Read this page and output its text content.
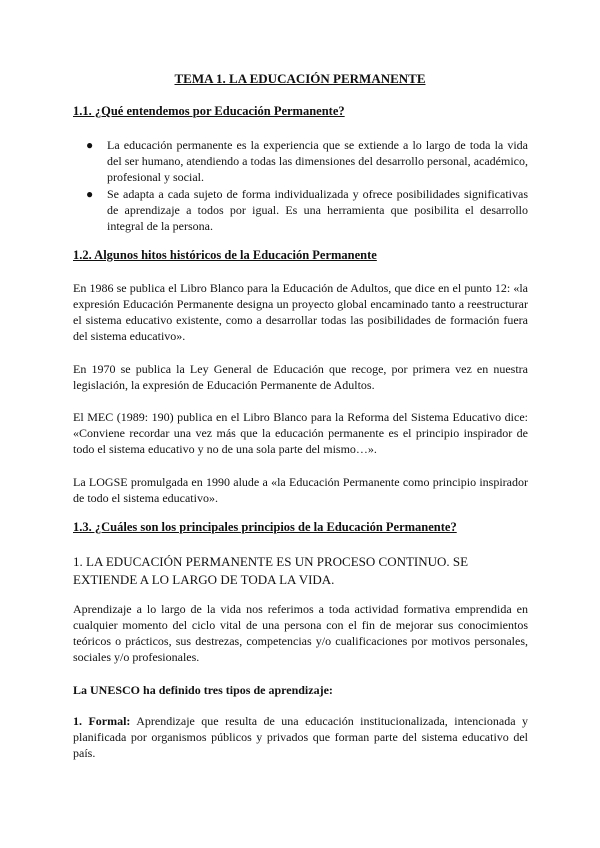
TEMA 1. LA EDUCACIÓN PERMANENTE
1.1. ¿Qué entendemos por Educación Permanente?
● La educación permanente es la experiencia que se extiende a lo largo de toda la vida del ser humano, atendiendo a todas las dimensiones del desarrollo personal, académico, profesional y social.
● Se adapta a cada sujeto de forma individualizada y ofrece posibilidades significativas de aprendizaje a todos por igual. Es una herramienta que posibilita el desarrollo integral de la persona.
1.2. Algunos hitos históricos de la Educación Permanente

En 1986 se publica el Libro Blanco para la Educación de Adultos, que dice en el punto 12: «la expresión Educación Permanente designa un proyecto global encaminado tanto a reestructurar el sistema educativo existente, como a desarrollar todas las posibilidades de formación fuera del sistema educativo».

En 1970 se publica la Ley General de Educación que recoge, por primera vez en nuestra legislación, la expresión de Educación Permanente de Adultos.

El MEC (1989: 190) publica en el Libro Blanco para la Reforma del Sistema Educativo dice: «Conviene recordar una vez más que la educación permanente es el principio inspirador de todo el sistema educativo y no de una sola parte del mismo…».

La LOGSE promulgada en 1990 alude a «la Educación Permanente como principio inspirador de todo el sistema educativo».

1.3. ¿Cuáles son los principales principios de la Educación Permanente?

1. LA EDUCACIÓN PERMANENTE ES UN PROCESO CONTINUO. SE EXTIENDE A LO LARGO DE TODA LA VIDA.

Aprendizaje a lo largo de la vida nos referimos a toda actividad formativa emprendida en cualquier momento del ciclo vital de una persona con el fin de mejorar sus conocimientos teóricos o prácticos, sus destrezas, competencias y/o cualificaciones por motivos personales, sociales y/o profesionales.

La UNESCO ha definido tres tipos de aprendizaje:

1. Formal: Aprendizaje que resulta de una educación institucionalizada, intencionada y planificada por organismos públicos y privados que forman parte del sistema educativo del país.
